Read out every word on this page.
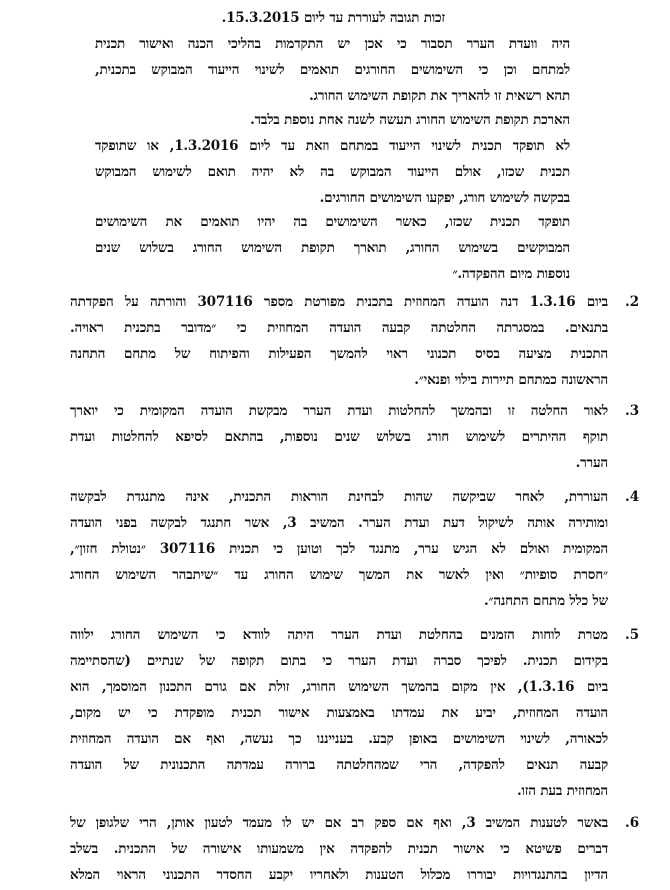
זכות תגובה לעוררת עד ליום 15.3.2015.
היה וועדת הערר תסבור כי אכן יש התקדמות בהליכי הכנה ואישור תכנית
למתחם וכן כי השימושים החורגים תואמים לשינוי הייעוד המבוקש בתכנית,
תהא רשאית זו להאריך את תקופת השימוש החורג.
הארכת תקופת השימוש החורג תעשה לשנה אחת נוספת בלבד.
לא תופקד תכנית לשינוי הייעוד במתחם וזאת עד ליום 1.3.2016, או שתופקד
תכנית שכזו, אולם הייעוד המבוקש בה לא יהיה תואם לשימוש המבוקש
בבקשה לשימוש חורג, יפקעו השימושים החורגים.
תופקד תכנית שכזו, כאשר השימושים בה יהיו תואמים את השימושים
המבוקשים בשימוש החורג, תוארך תקופת השימוש החורג בשלוש שנים
נוספות מיום ההפקדה.״
.2
ביום 1.3.16 דנה הועדה המחוזית בתכנית מפורטת מספר 307116 והורתה על הפקדתה
בתנאים. במסגרתה החלטתה קבעה הועדה המחוזית כי ״מדובר בתכנית ראויה.
התכנית מציעה בסיס תכנוני ראוי להמשך הפעילות והפיתוח של מתחם התחנה
הראשונה כמתחם תיירות בילוי ופנאי״.
.3
לאור החלטה זו ובהמשך להחלטות ועדת הערר מבקשת הועדה המקומית כי יוארך
תוקף ההיתרים לשימוש חורג בשלוש שנים נוספות, בהתאם לסיפא להחלטות ועדת
הערר.
.4
העוררת, לאחר שביקשה שהות לבחינת הוראות התכנית, אינה מתנגדת לבקשה
ומותירה אותה לשיקול דעת ועדת הערר. המשיב 3, אשר חתנגד לבקשה בפני הועדה
המקומית ואולם לא הגיש ערר, מתנגד לכך וטוען כי תכנית 307116 ״נטולת חזון״,
״חסרת סופיות״ ואין לאשר את המשך שימוש החורג עד ״שיתבהר השימוש החורג
של כלל מתחם התחנה״.
.5
מטרת לוחות הזמנים בהחלטת ועדת הערר היתה לוודא כי השימוש החורג ילווה
בקידום תכנית. לפיכך סברה ועדת הערר כי בתום תקופה של שנתיים (שהסתיימה
ביום 1.3.16), אין מקום בהמשך השימוש החורג, זולת אם גורם התכנון המוסמך, הוא
הועדה המחוזית, יביע את עמדתו באמצעות אישור תכנית מופקדת כי יש מקום,
לכאורה, לשינוי השימושים באופן קבע. בענייננו כך נעשה, ואף אם הועדה המחוזית
קבעה תנאים להפקדה, הרי שמהחלטתה ברורה עמדתה התכנונית של הועדה
המחוזית בעת הזו.
.6
באשר לטענות המשיב 3, ואף אם ספק רב אם יש לו מעמד לטעון אותן, הרי שלגופן של
דברים פשיטא כי אישור תכנית להפקדה אין משמעותו אישורה של התכנית. בשלב
הדיון בהתנגדויות יבוררו מכלול הטענות ולאחריו יקבע החסדר התכנוני הראוי המלא
